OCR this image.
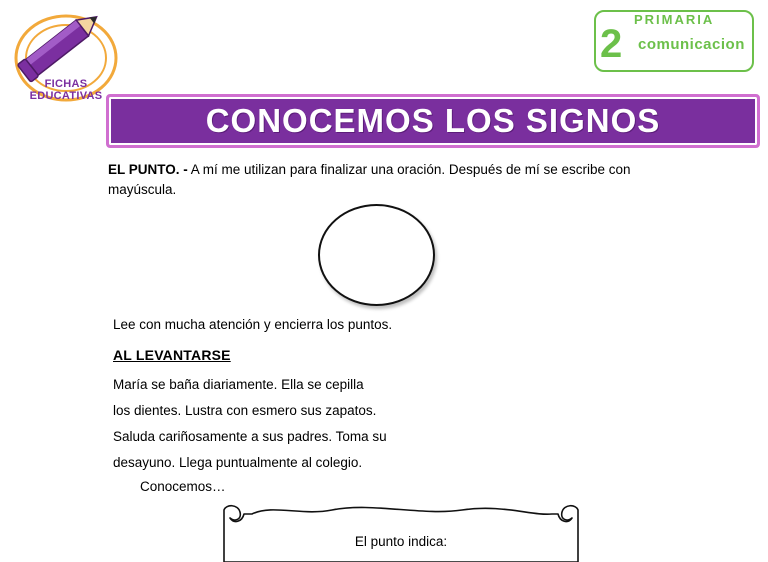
FICHAS
EDUCATIVAS
PRIMARIA
2 comunicacion
CONOCEMOS LOS SIGNOS
EL PUNTO. - A mí me utilizan para finalizar una oración. Después de mí se escribe con mayúscula.
Lee con mucha atención y encierra los puntos.
AL LEVANTARSE
María se baña diariamente. Ella se cepilla
los dientes. Lustra con esmero sus zapatos.
Saluda cariñosamente a sus padres. Toma su
desayuno. Llega puntualmente al colegio.
Conocemos…
El punto indica:
